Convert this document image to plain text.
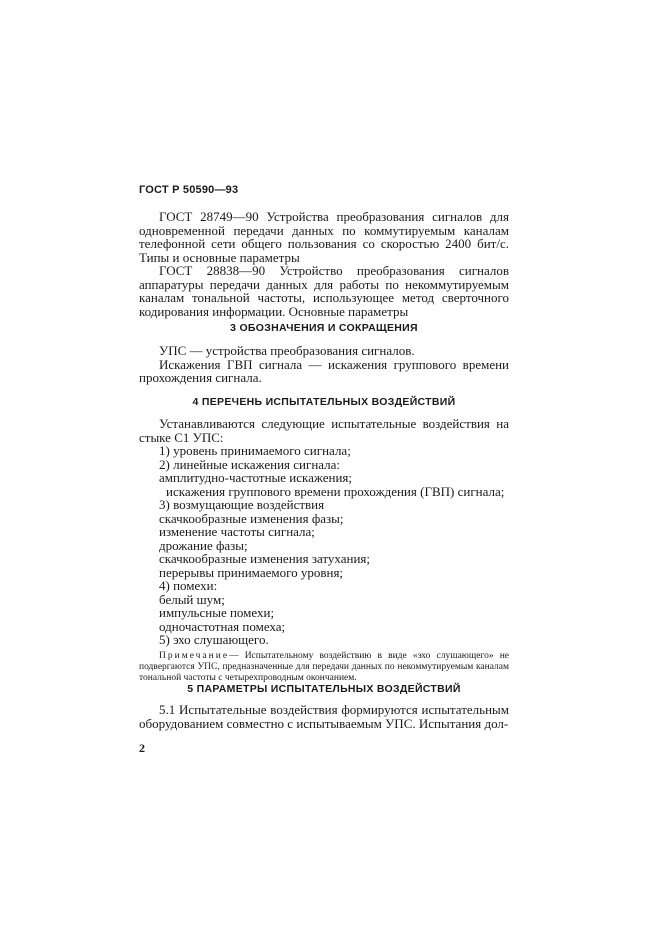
ГОСТ Р 50590—93

ГОСТ 28749—90 Устройства преобразования сигналов для одновременной передачи данных по коммутируемым каналам телефонной сети общего пользования со скоростью 2400 бит/с. Типы и основные параметры

ГОСТ 28838—90 Устройство преобразования сигналов аппаратуры передачи данных для работы по некоммутируемым каналам тональной частоты, использующее метод сверточного кодирования информации. Основные параметры

3 ОБОЗНАЧЕНИЯ И СОКРАЩЕНИЯ

УПС — устройства преобразования сигналов.

Искажения ГВП сигнала — искажения группового времени прохождения сигнала.

4 ПЕРЕЧЕНЬ ИСПЫТАТЕЛЬНЫХ ВОЗДЕЙСТВИЙ

Устанавливаются следующие испытательные воздействия на стыке С1 УПС:

1) уровень принимаемого сигнала;

2) линейные искажения сигнала:

амплитудно-частотные искажения;

искажения группового времени прохождения (ГВП) сигнала;

3) возмущающие воздействия

скачкообразные изменения фазы;

изменение частоты сигнала;

дрожание фазы;

скачкообразные изменения затухания;

перерывы принимаемого уровня;

4) помехи:

белый шум;

импульсные помехи;

одночастотная помеха;

5) эхо слушающего.

Примечание— Испытательному воздействию в виде «эхо слушающего» не подвергаются УПС, предназначенные для передачи данных по некоммутируемым каналам тональной частоты с четырехпроводным окончанием.

5 ПАРАМЕТРЫ ИСПЫТАТЕЛЬНЫХ ВОЗДЕЙСТВИЙ

5.1 Испытательные воздействия формируются испытательным оборудованием совместно с испытываемым УПС. Испытания дол-

2
